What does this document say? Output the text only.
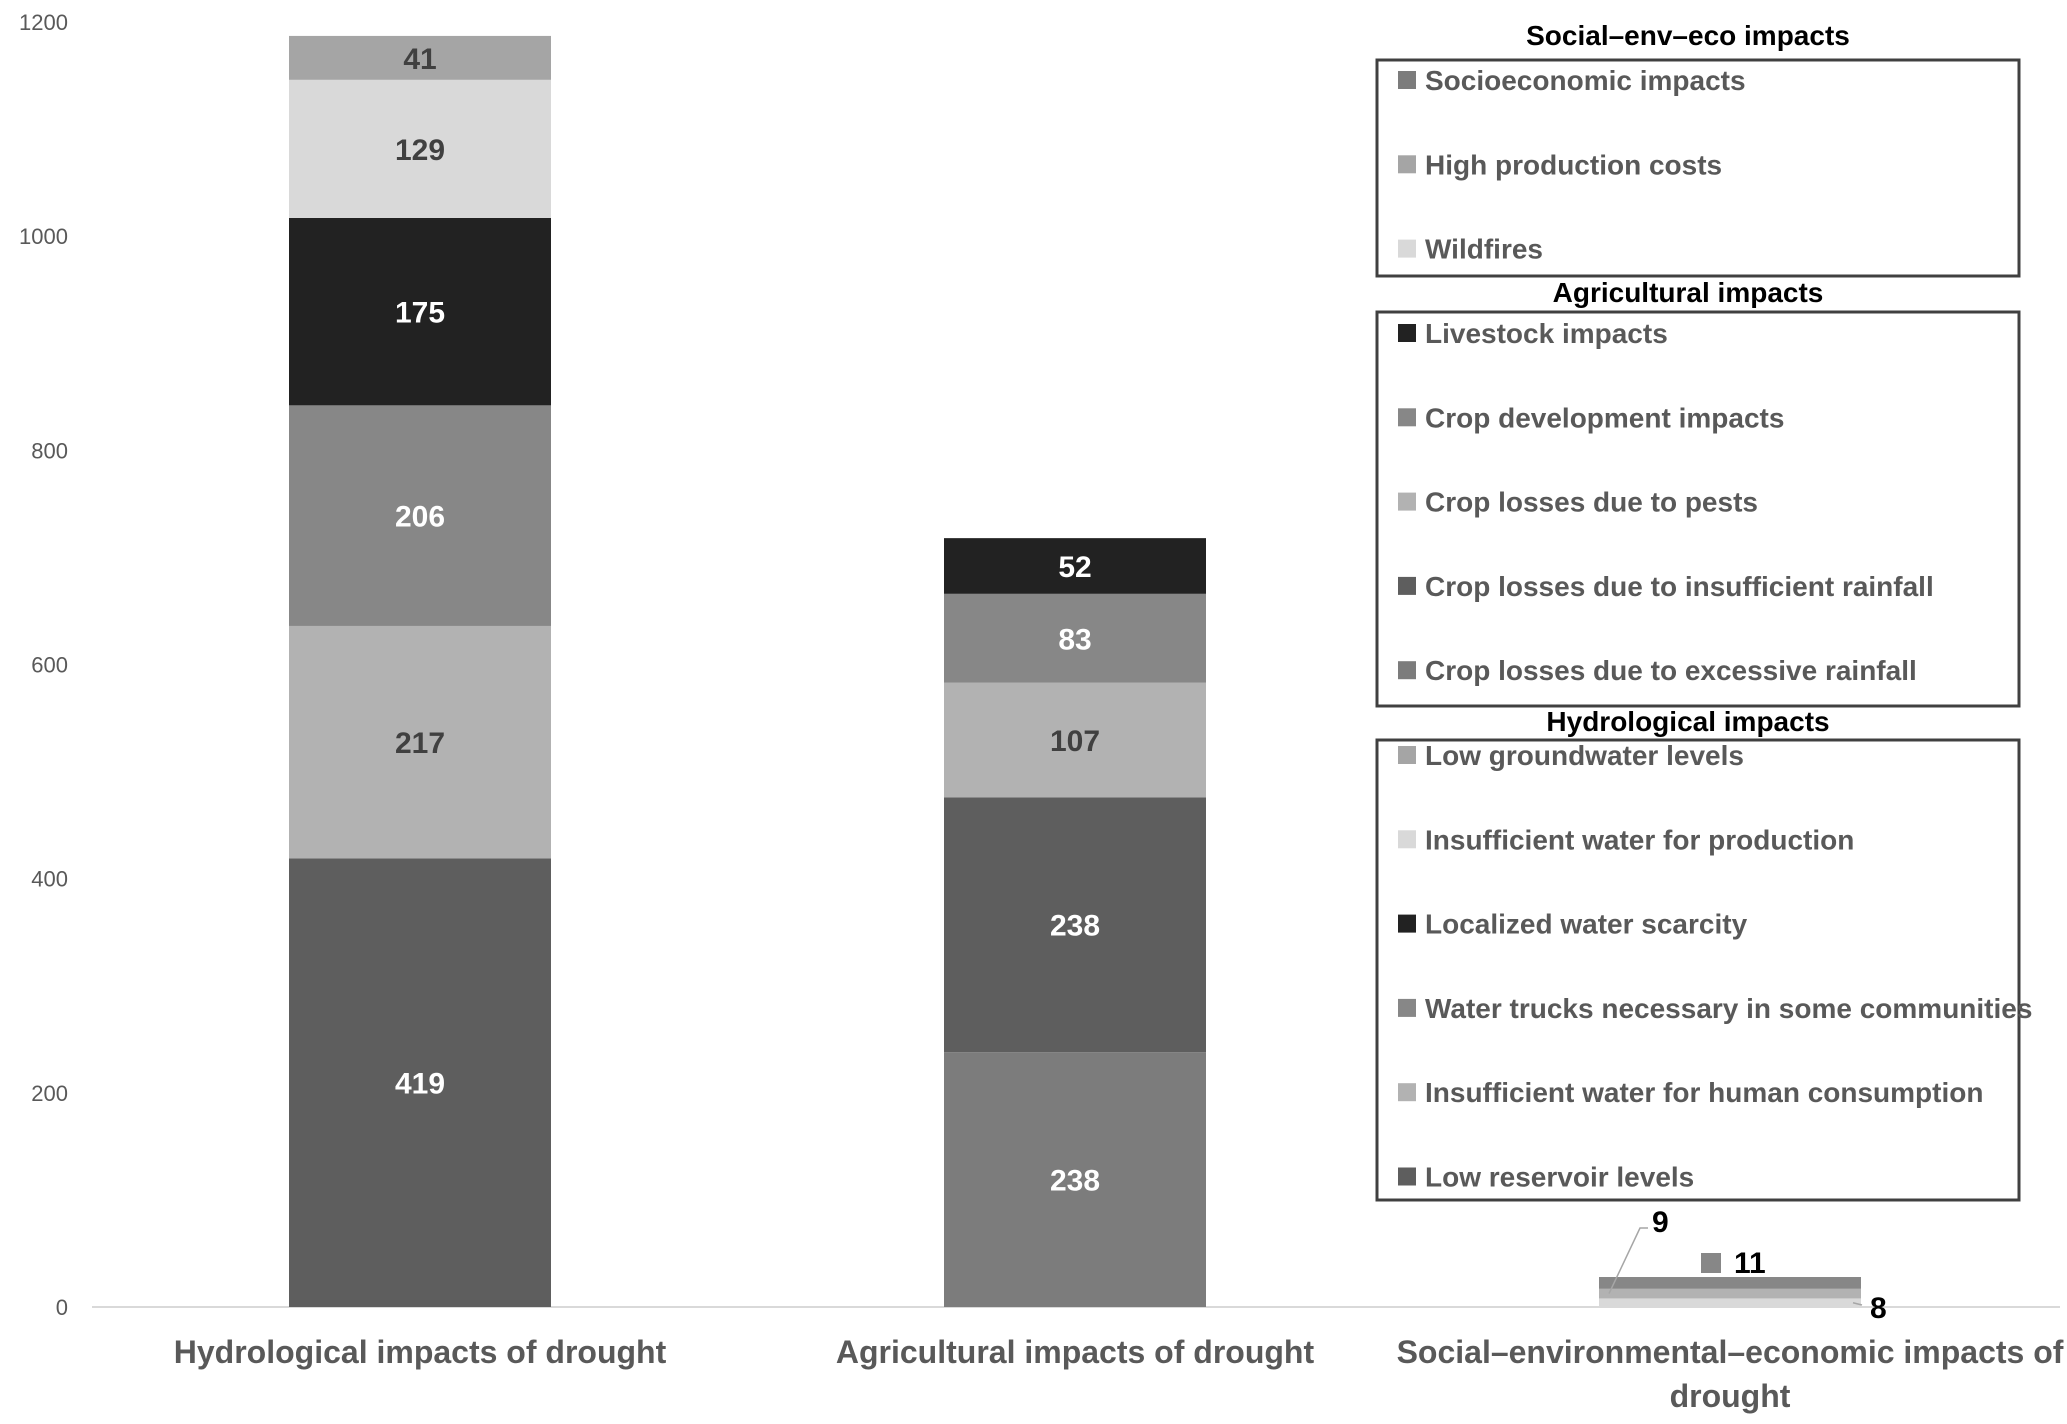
0
200
400
600
800
1000
1200
419
217
206
175
129
41
238
238
107
83
52
8
9
11
Hydrological impacts of drought	Agricultural impacts of drought	Social–environmental–economic impacts of drought
Social–env–eco impacts
Socioeconomic impacts
High production costs
Wildfires
Agricultural impacts
Livestock impacts
Crop development impacts
Crop losses due to pests
Crop losses due to insufficient rainfall
Crop losses due to excessive rainfall
Hydrological impacts
Low groundwater levels
Insufficient water for production
Localized water scarcity
Water trucks necessary in some communities
Insufficient water for human consumption
Low reservoir levels
